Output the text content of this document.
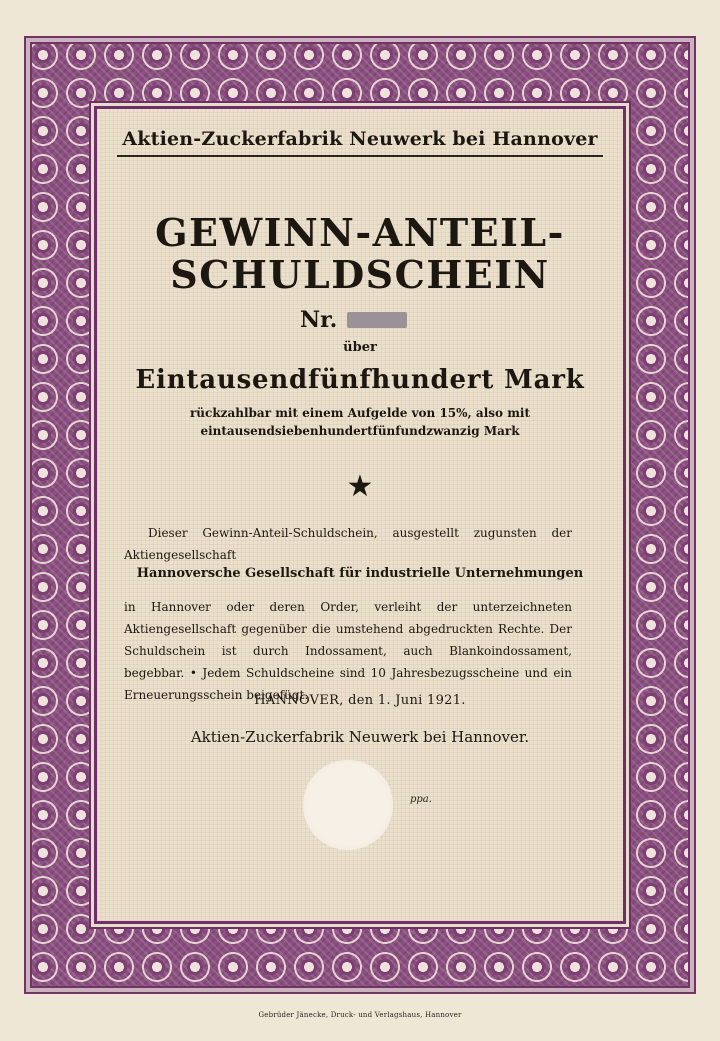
Aktien-Zuckerfabrik Neuwerk bei Hannover
GEWINN-ANTEIL-
SCHULDSCHEIN
Nr.
über
Eintausendfünfhundert Mark
rückzahlbar mit einem Aufgelde von 15%, also mit
eintausendsiebenhundertfünfundzwanzig Mark
★
Dieser Gewinn-Anteil-Schuldschein, ausgestellt zugunsten der Aktiengesellschaft
Hannoversche Gesellschaft für industrielle Unternehmungen
in Hannover oder deren Order, verleiht der unterzeichneten Aktiengesellschaft gegenüber die umstehend abgedruckten Rechte. Der Schuldschein ist durch Indossament, auch Blankoindossament, begebbar. • Jedem Schuldscheine sind 10 Jahresbezugsscheine und ein Erneuerungsschein beigefügt.
HANNOVER, den 1. Juni 1921.
Aktien-Zuckerfabrik Neuwerk bei Hannover.
ppa.
Gebrüder Jänecke, Druck- und Verlagshaus, Hannover
